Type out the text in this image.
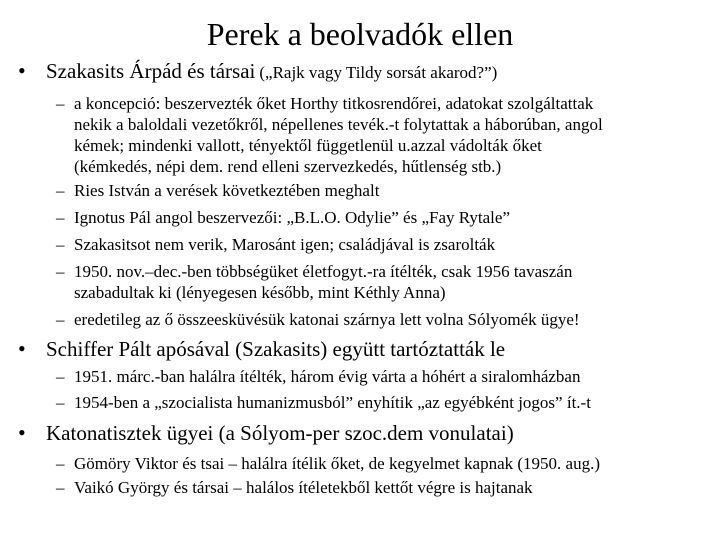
Perek a beolvadók ellen
• Szakasits Árpád és társai („Rajk vagy Tildy sorsát akarod?”)
– a koncepció: beszervezték őket Horthy titkosrendőrei, adatokat szolgáltattak
nekik a baloldali vezetőkről, népellenes tevék.-t folytattak a háborúban, angol
kémek; mindenki vallott, tényektől függetlenül u.azzal vádolták őket
(kémkedés, népi dem. rend elleni szervezkedés, hűtlenség stb.)
– Ries István a verések következtében meghalt
– Ignotus Pál angol beszervezői: „B.L.O. Odylie” és „Fay Rytale”
– Szakasitsot nem verik, Marosánt igen; családjával is zsarolták
– 1950. nov.–dec.-ben többségüket életfogyt.-ra ítélték, csak 1956 tavaszán
szabadultak ki (lényegesen később, mint Kéthly Anna)
– eredetileg az ő összeesküvésük katonai szárnya lett volna Sólyomék ügye!
• Schiffer Pált apósával (Szakasits) együtt tartóztatták le
– 1951. márc.-ban halálra ítélték, három évig várta a hóhért a siralomházban
– 1954-ben a „szocialista humanizmusból” enyhítik „az egyébként jogos” ít.-t
• Katonatisztek ügyei (a Sólyom-per szoc.dem vonulatai)
– Gömöry Viktor és tsai – halálra ítélik őket, de kegyelmet kapnak (1950. aug.)
– Vaikó György és társai – halálos ítéletekből kettőt végre is hajtanak
